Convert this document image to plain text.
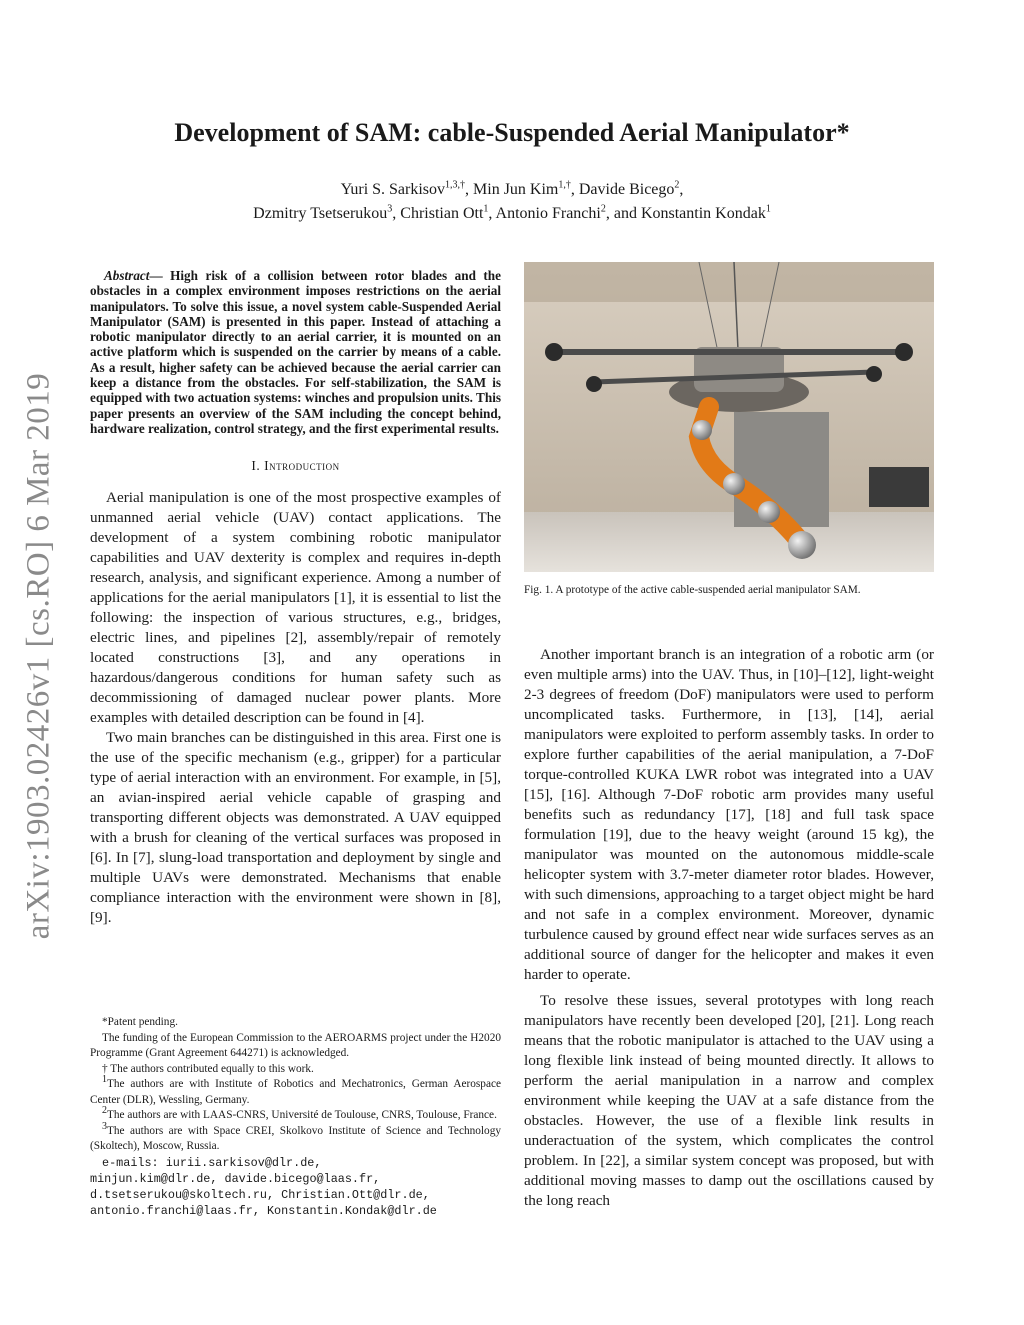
arXiv:1903.02426v1 [cs.RO] 6 Mar 2019
Development of SAM: cable-Suspended Aerial Manipulator*
Yuri S. Sarkisov$^{1,3,\dagger}$, Min Jun Kim$^{1,\dagger}$, Davide Bicego$^2$,
Dzmitry Tsetserukou$^3$, Christian Ott$^1$, Antonio Franchi$^2$, and Konstantin Kondak$^1$

Abstract— High risk of a collision between rotor blades and the obstacles in a complex environment imposes restrictions on the aerial manipulators. To solve this issue, a novel system cable-Suspended Aerial Manipulator (SAM) is presented in this paper. Instead of attaching a robotic manipulator directly to an aerial carrier, it is mounted on an active platform which is suspended on the carrier by means of a cable. As a result, higher safety can be achieved because the aerial carrier can keep a distance from the obstacles. For self-stabilization, the SAM is equipped with two actuation systems: winches and propulsion units. This paper presents an overview of the SAM including the concept behind, hardware realization, control strategy, and the first experimental results.

I. Introduction

Aerial manipulation is one of the most prospective examples of unmanned aerial vehicle (UAV) contact applications. The development of a system combining robotic manipulator capabilities and UAV dexterity is complex and requires in-depth research, analysis, and significant experience. Among a number of applications for the aerial manipulators [1], it is essential to list the following: the inspection of various structures, e.g., bridges, electric lines, and pipelines [2], assembly/repair of remotely located constructions [3], and any operations in hazardous/dangerous conditions for human safety such as decommissioning of damaged nuclear power plants. More examples with detailed description can be found in [4].

Two main branches can be distinguished in this area. First one is the use of the specific mechanism (e.g., gripper) for a particular type of aerial interaction with an environment. For example, in [5], an avian-inspired aerial vehicle capable of grasping and transporting different objects was demonstrated. A UAV equipped with a brush for cleaning of the vertical surfaces was proposed in [6]. In [7], slung-load transportation and deployment by single and multiple UAVs were demonstrated. Mechanisms that enable compliance interaction with the environment were shown in [8], [9].

*Patent pending.

The funding of the European Commission to the AEROARMS project under the H2020 Programme (Grant Agreement 644271) is acknowledged.

† The authors contributed equally to this work.

$^1$The authors are with Institute of Robotics and Mechatronics, German Aerospace Center (DLR), Wessling, Germany.

$^2$The authors are with LAAS-CNRS, Université de Toulouse, CNRS, Toulouse, France.

$^3$The authors are with Space CREI, Skolkovo Institute of Science and Technology (Skoltech), Moscow, Russia.

e-mails: iurii.sarkisov@dlr.de,

minjun.kim@dlr.de, davide.bicego@laas.fr,

d.tsetserukou@skoltech.ru, Christian.Ott@dlr.de,

antonio.franchi@laas.fr, Konstantin.Kondak@dlr.de

Fig. 1. A prototype of the active cable-suspended aerial manipulator SAM.

Another important branch is an integration of a robotic arm (or even multiple arms) into the UAV. Thus, in [10]–[12], light-weight 2-3 degrees of freedom (DoF) manipulators were used to perform uncomplicated tasks. Furthermore, in [13], [14], aerial manipulators were exploited to perform assembly tasks. In order to explore further capabilities of the aerial manipulation, a 7-DoF torque-controlled KUKA LWR robot was integrated into a UAV [15], [16]. Although 7-DoF robotic arm provides many useful benefits such as redundancy [17], [18] and full task space formulation [19], due to the heavy weight (around 15 kg), the manipulator was mounted on the autonomous middle-scale helicopter system with 3.7-meter diameter rotor blades. However, with such dimensions, approaching to a target object might be hard and not safe in a complex environment. Moreover, dynamic turbulence caused by ground effect near wide surfaces serves as an additional source of danger for the helicopter and makes it even harder to operate.

To resolve these issues, several prototypes with long reach manipulators have recently been developed [20], [21]. Long reach means that the robotic manipulator is attached to the UAV using a long flexible link instead of being mounted directly. It allows to perform the aerial manipulation in a narrow and complex environment while keeping the UAV at a safe distance from the obstacles. However, the use of a flexible link results in underactuation of the system, which complicates the control problem. In [22], a similar system concept was proposed, but with additional moving masses to damp out the oscillations caused by the long reach
